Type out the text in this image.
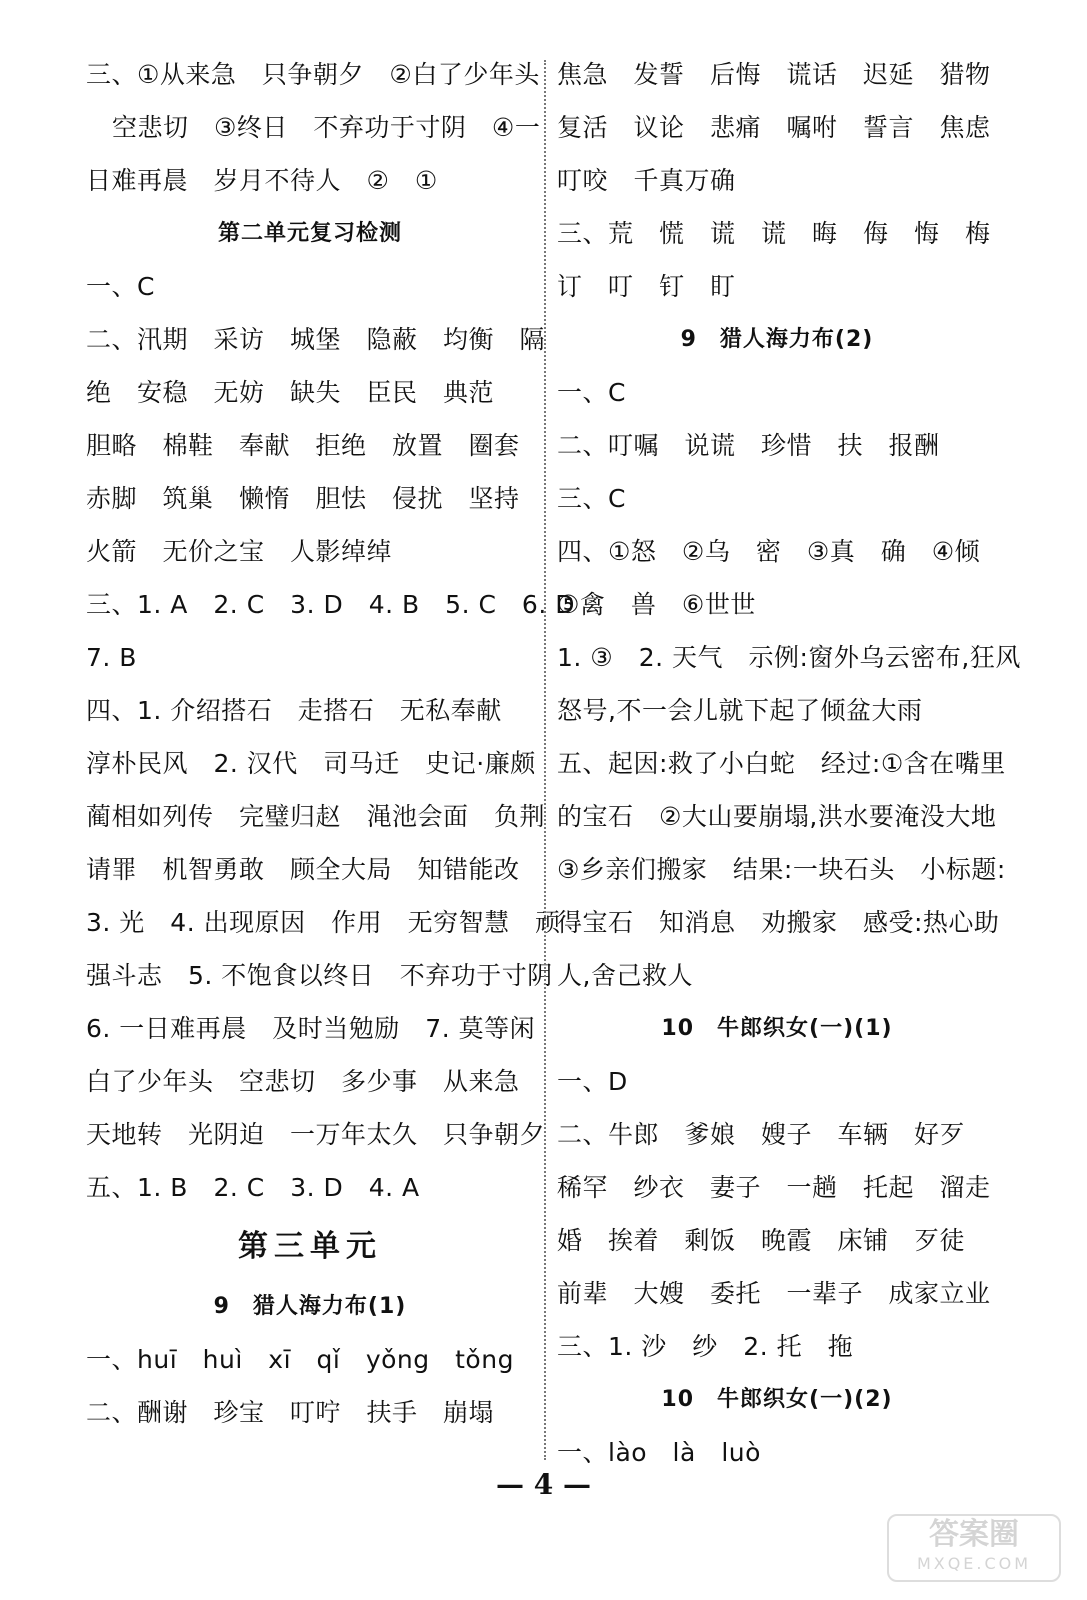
三、①从来急　只争朝夕　②白了少年头
空悲切　③终日　不弃功于寸阴　④一
日难再晨　岁月不待人　②　①
第二单元复习检测
一、C
二、汛期　采访　城堡　隐蔽　均衡　隔
绝　安稳　无妨　缺失　臣民　典范
胆略　棉鞋　奉献　拒绝　放置　圈套
赤脚　筑巢　懒惰　胆怯　侵扰　坚持
火箭　无价之宝　人影绰绰
三、1. A　2. C　3. D　4. B　5. C　6. D
7. B
四、1. 介绍搭石　走搭石　无私奉献
淳朴民风　2. 汉代　司马迁　史记·廉颇
蔺相如列传　完璧归赵　渑池会面　负荆
请罪　机智勇敢　顾全大局　知错能改
3. 光　4. 出现原因　作用　无穷智慧　顽
强斗志　5. 不饱食以终日　不弃功于寸阴
6. 一日难再晨　及时当勉励　7. 莫等闲
白了少年头　空悲切　多少事　从来急
天地转　光阴迫　一万年太久　只争朝夕
五、1. B　2. C　3. D　4. A
第三单元
9　猎人海力布(1)
一、huī　huì　xī　qǐ　yǒng　tǒng
二、酬谢　珍宝　叮咛　扶手　崩塌
焦急　发誓　后悔　谎话　迟延　猎物
复活　议论　悲痛　嘱咐　誓言　焦虑
叮咬　千真万确
三、荒　慌　谎　谎　晦　侮　悔　梅
订　叮　钉　盯
9　猎人海力布(2)
一、C
二、叮嘱　说谎　珍惜　扶　报酬
三、C
四、①怒　②乌　密　③真　确　④倾
⑤禽　兽　⑥世世
1. ③　2. 天气　示例:窗外乌云密布,狂风
怒号,不一会儿就下起了倾盆大雨
五、起因:救了小白蛇　经过:①含在嘴里
的宝石　②大山要崩塌,洪水要淹没大地
③乡亲们搬家　结果:一块石头　小标题:
得宝石　知消息　劝搬家　感受:热心助
人,舍己救人
10　牛郎织女(一)(1)
一、D
二、牛郎　爹娘　嫂子　车辆　好歹
稀罕　纱衣　妻子　一趟　托起　溜走
婚　挨着　剩饭　晚霞　床铺　歹徒
前辈　大嫂　委托　一辈子　成家立业
三、1. 沙　纱　2. 托　拖
10　牛郎织女(一)(2)
一、lào　là　luò
— 4 —
答案圈
MXQE.COM
